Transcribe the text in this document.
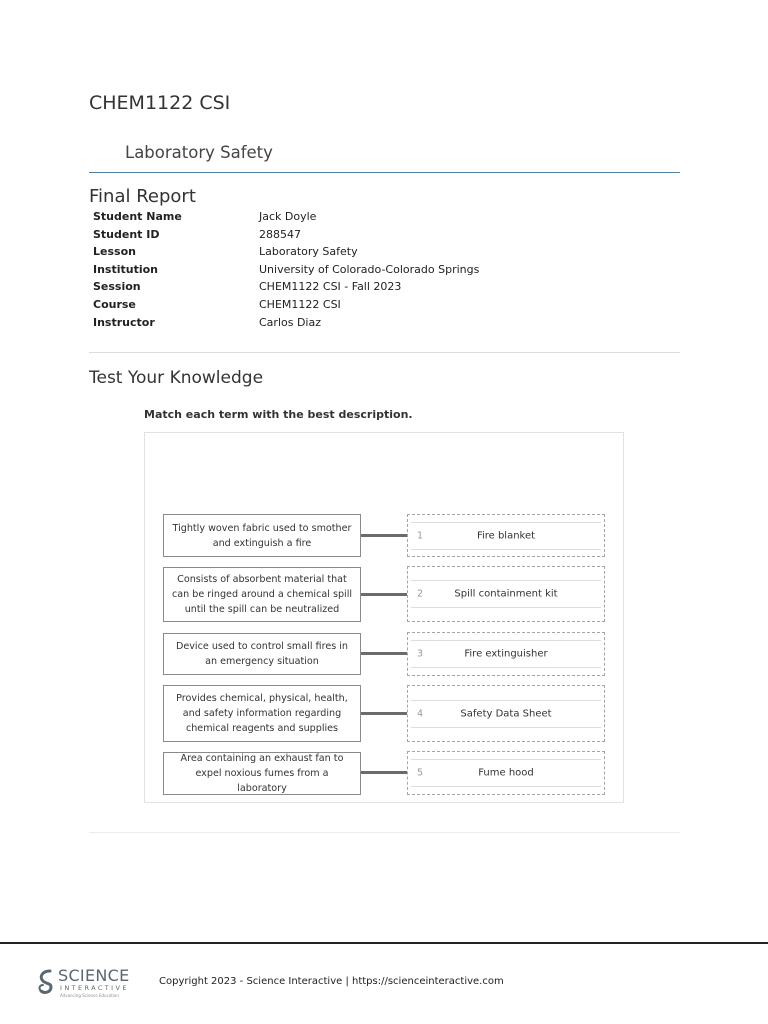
CHEM1122 CSI
Laboratory Safety
Final Report
Student Name	Jack Doyle
Student ID	288547
Lesson	Laboratory Safety
Institution	University of Colorado-Colorado Springs
Session	CHEM1122 CSI - Fall 2023
Course	CHEM1122 CSI
Instructor	Carlos Diaz
Test Your Knowledge
Match each term with the best description.
Tightly woven fabric used to smother and extinguish a fire
1	Fire blanket
Consists of absorbent material that can be ringed around a chemical spill until the spill can be neutralized
2	Spill containment kit
Device used to control small fires in an emergency situation
3	Fire extinguisher
Provides chemical, physical, health, and safety information regarding chemical reagents and supplies
4	Safety Data Sheet
Area containing an exhaust fan to expel noxious fumes from a laboratory
5	Fume hood
SCIENCE
INTERACTIVE
Advancing Science Education
Copyright 2023 - Science Interactive | https://scienceinteractive.com
